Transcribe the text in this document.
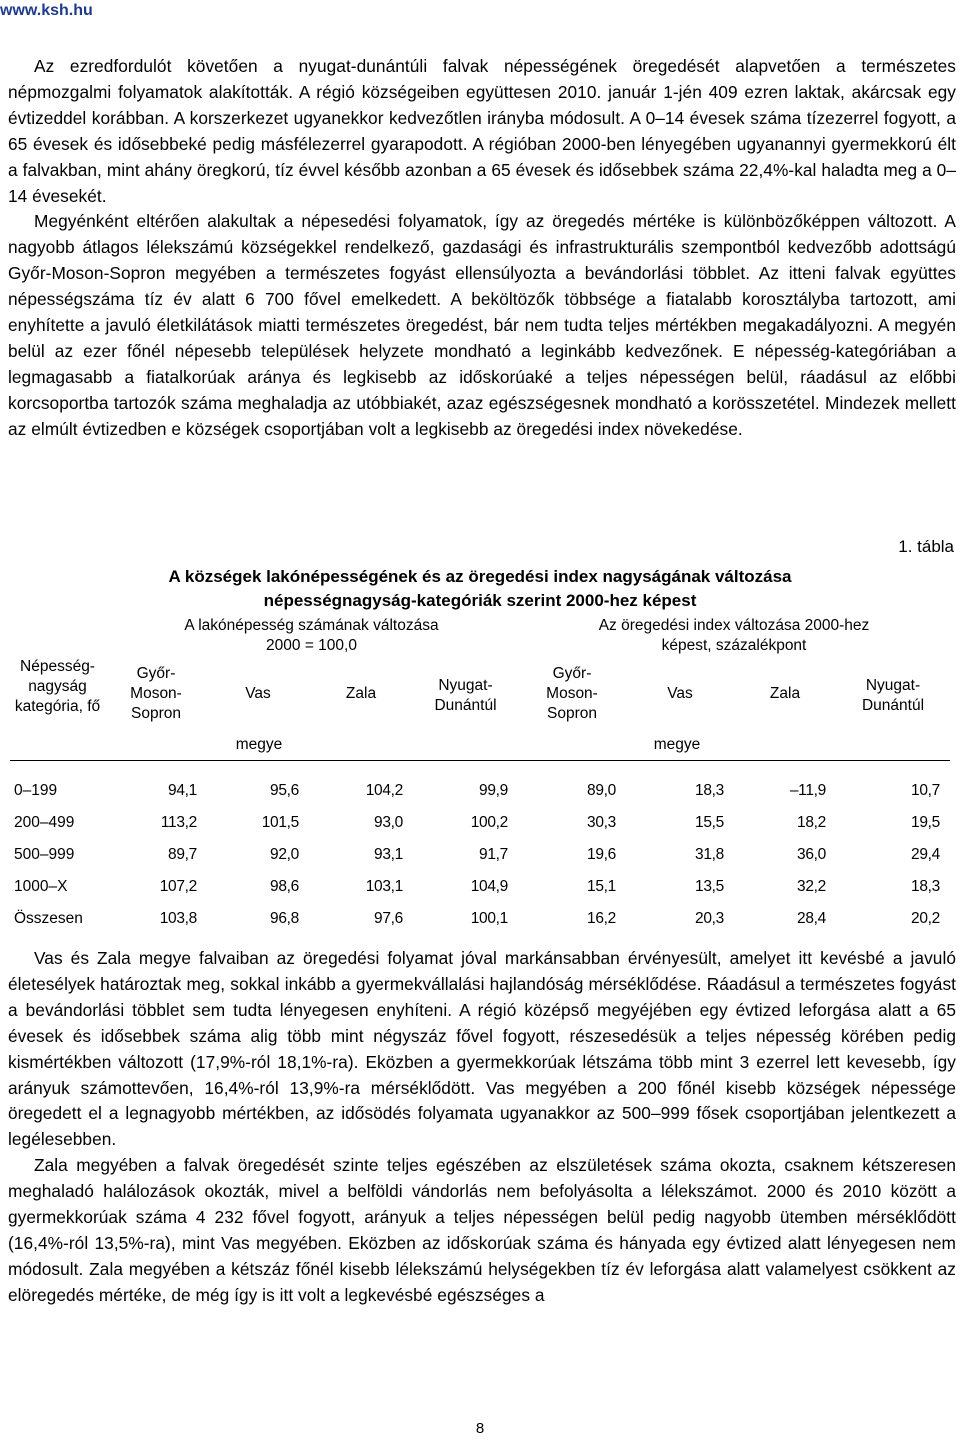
www.ksh.hu

Az ezredfordulót követően a nyugat-dunántúli falvak népességének öregedését alapvetően a természetes népmozgalmi folyamatok alakították. A régió községeiben együttesen 2010. január 1-jén 409 ezren laktak, akárcsak egy évtizeddel korábban. A korszerkezet ugyanekkor kedvezőtlen irányba módosult. A 0–14 évesek száma tízezerrel fogyott, a 65 évesek és idősebbeké pedig másfélezerrel gyarapodott. A régióban 2000-ben lényegében ugyanannyi gyermekkorú élt a falvakban, mint ahány öregkorú, tíz évvel később azonban a 65 évesek és idősebbek száma 22,4%-kal haladta meg a 0–14 évesekét.

Megyénként eltérően alakultak a népesedési folyamatok, így az öregedés mértéke is különbözőképpen változott. A nagyobb átlagos lélekszámú községekkel rendelkező, gazdasági és infrastrukturális szempontból kedvezőbb adottságú Győr-Moson-Sopron megyében a természetes fogyást ellensúlyozta a bevándorlási többlet. Az itteni falvak együttes népességszáma tíz év alatt 6 700 fővel emelkedett. A beköltözők többsége a fiatalabb korosztályba tartozott, ami enyhítette a javuló életkilátások miatti természetes öregedést, bár nem tudta teljes mértékben megakadályozni. A megyén belül az ezer főnél népesebb települések helyzete mondható a leginkább kedvezőnek. E népesség-kategóriában a legmagasabb a fiatalkorúak aránya és legkisebb az időskorúaké a teljes népességen belül, ráadásul az előbbi korcsoportba tartozók száma meghaladja az utóbbiakét, azaz egészségesnek mondható a korösszetétel. Mindezek mellett az elmúlt évtizedben e községek csoportjában volt a legkisebb az öregedési index növekedése.

1. tábla
A községek lakónépességének és az öregedési index nagyságának változása
népességnagyság-kategóriák szerint 2000-hez képest
Népesség-
nagyság
kategória, fő	A lakónépesség számának változása
2000 = 100,0				Az öregedési index változása 2000-hez
képest, százalékpont			
	Győr-
Moson-
Sopron	Vas	Zala	Nyugat-
Dunántúl	Győr-
Moson-
Sopron	Vas	Zala	Nyugat-
Dunántúl
	megye				megye			
0–199	94,1	95,6	104,2	99,9	89,0	18,3	–11,9	10,7
200–499	113,2	101,5	93,0	100,2	30,3	15,5	18,2	19,5
500–999	89,7	92,0	93,1	91,7	19,6	31,8	36,0	29,4
1000–X	107,2	98,6	103,1	104,9	15,1	13,5	32,2	18,3
Összesen	103,8	96,8	97,6	100,1	16,2	20,3	28,4	20,2

Vas és Zala megye falvaiban az öregedési folyamat jóval markánsabban érvényesült, amelyet itt kevésbé a javuló életesélyek határoztak meg, sokkal inkább a gyermekvállalási hajlandóság mérséklődése. Ráadásul a természetes fogyást a bevándorlási többlet sem tudta lényegesen enyhíteni. A régió középső megyéjében egy évtized leforgása alatt a 65 évesek és idősebbek száma alig több mint négyszáz fővel fogyott, részesedésük a teljes népesség körében pedig kismértékben változott (17,9%-ról 18,1%-ra). Eközben a gyermekkorúak létszáma több mint 3 ezerrel lett kevesebb, így arányuk számottevően, 16,4%-ról 13,9%-ra mérséklődött. Vas megyében a 200 főnél kisebb községek népessége öregedett el a legnagyobb mértékben, az idősödés folyamata ugyanakkor az 500–999 fősek csoportjában jelentkezett a legélesebben.

Zala megyében a falvak öregedését szinte teljes egészében az elszületések száma okozta, csaknem kétszeresen meghaladó halálozások okozták, mivel a belföldi vándorlás nem befolyásolta a lélekszámot. 2000 és 2010 között a gyermekkorúak száma 4 232 fővel fogyott, arányuk a teljes népességen belül pedig nagyobb ütemben mérséklődött (16,4%-ról 13,5%-ra), mint Vas megyében. Eközben az időskorúak száma és hányada egy évtized alatt lényegesen nem módosult. Zala megyében a kétszáz főnél kisebb lélekszámú helységekben tíz év leforgása alatt valamelyest csökkent az elöregedés mértéke, de még így is itt volt a legkevésbé egészséges a

8
